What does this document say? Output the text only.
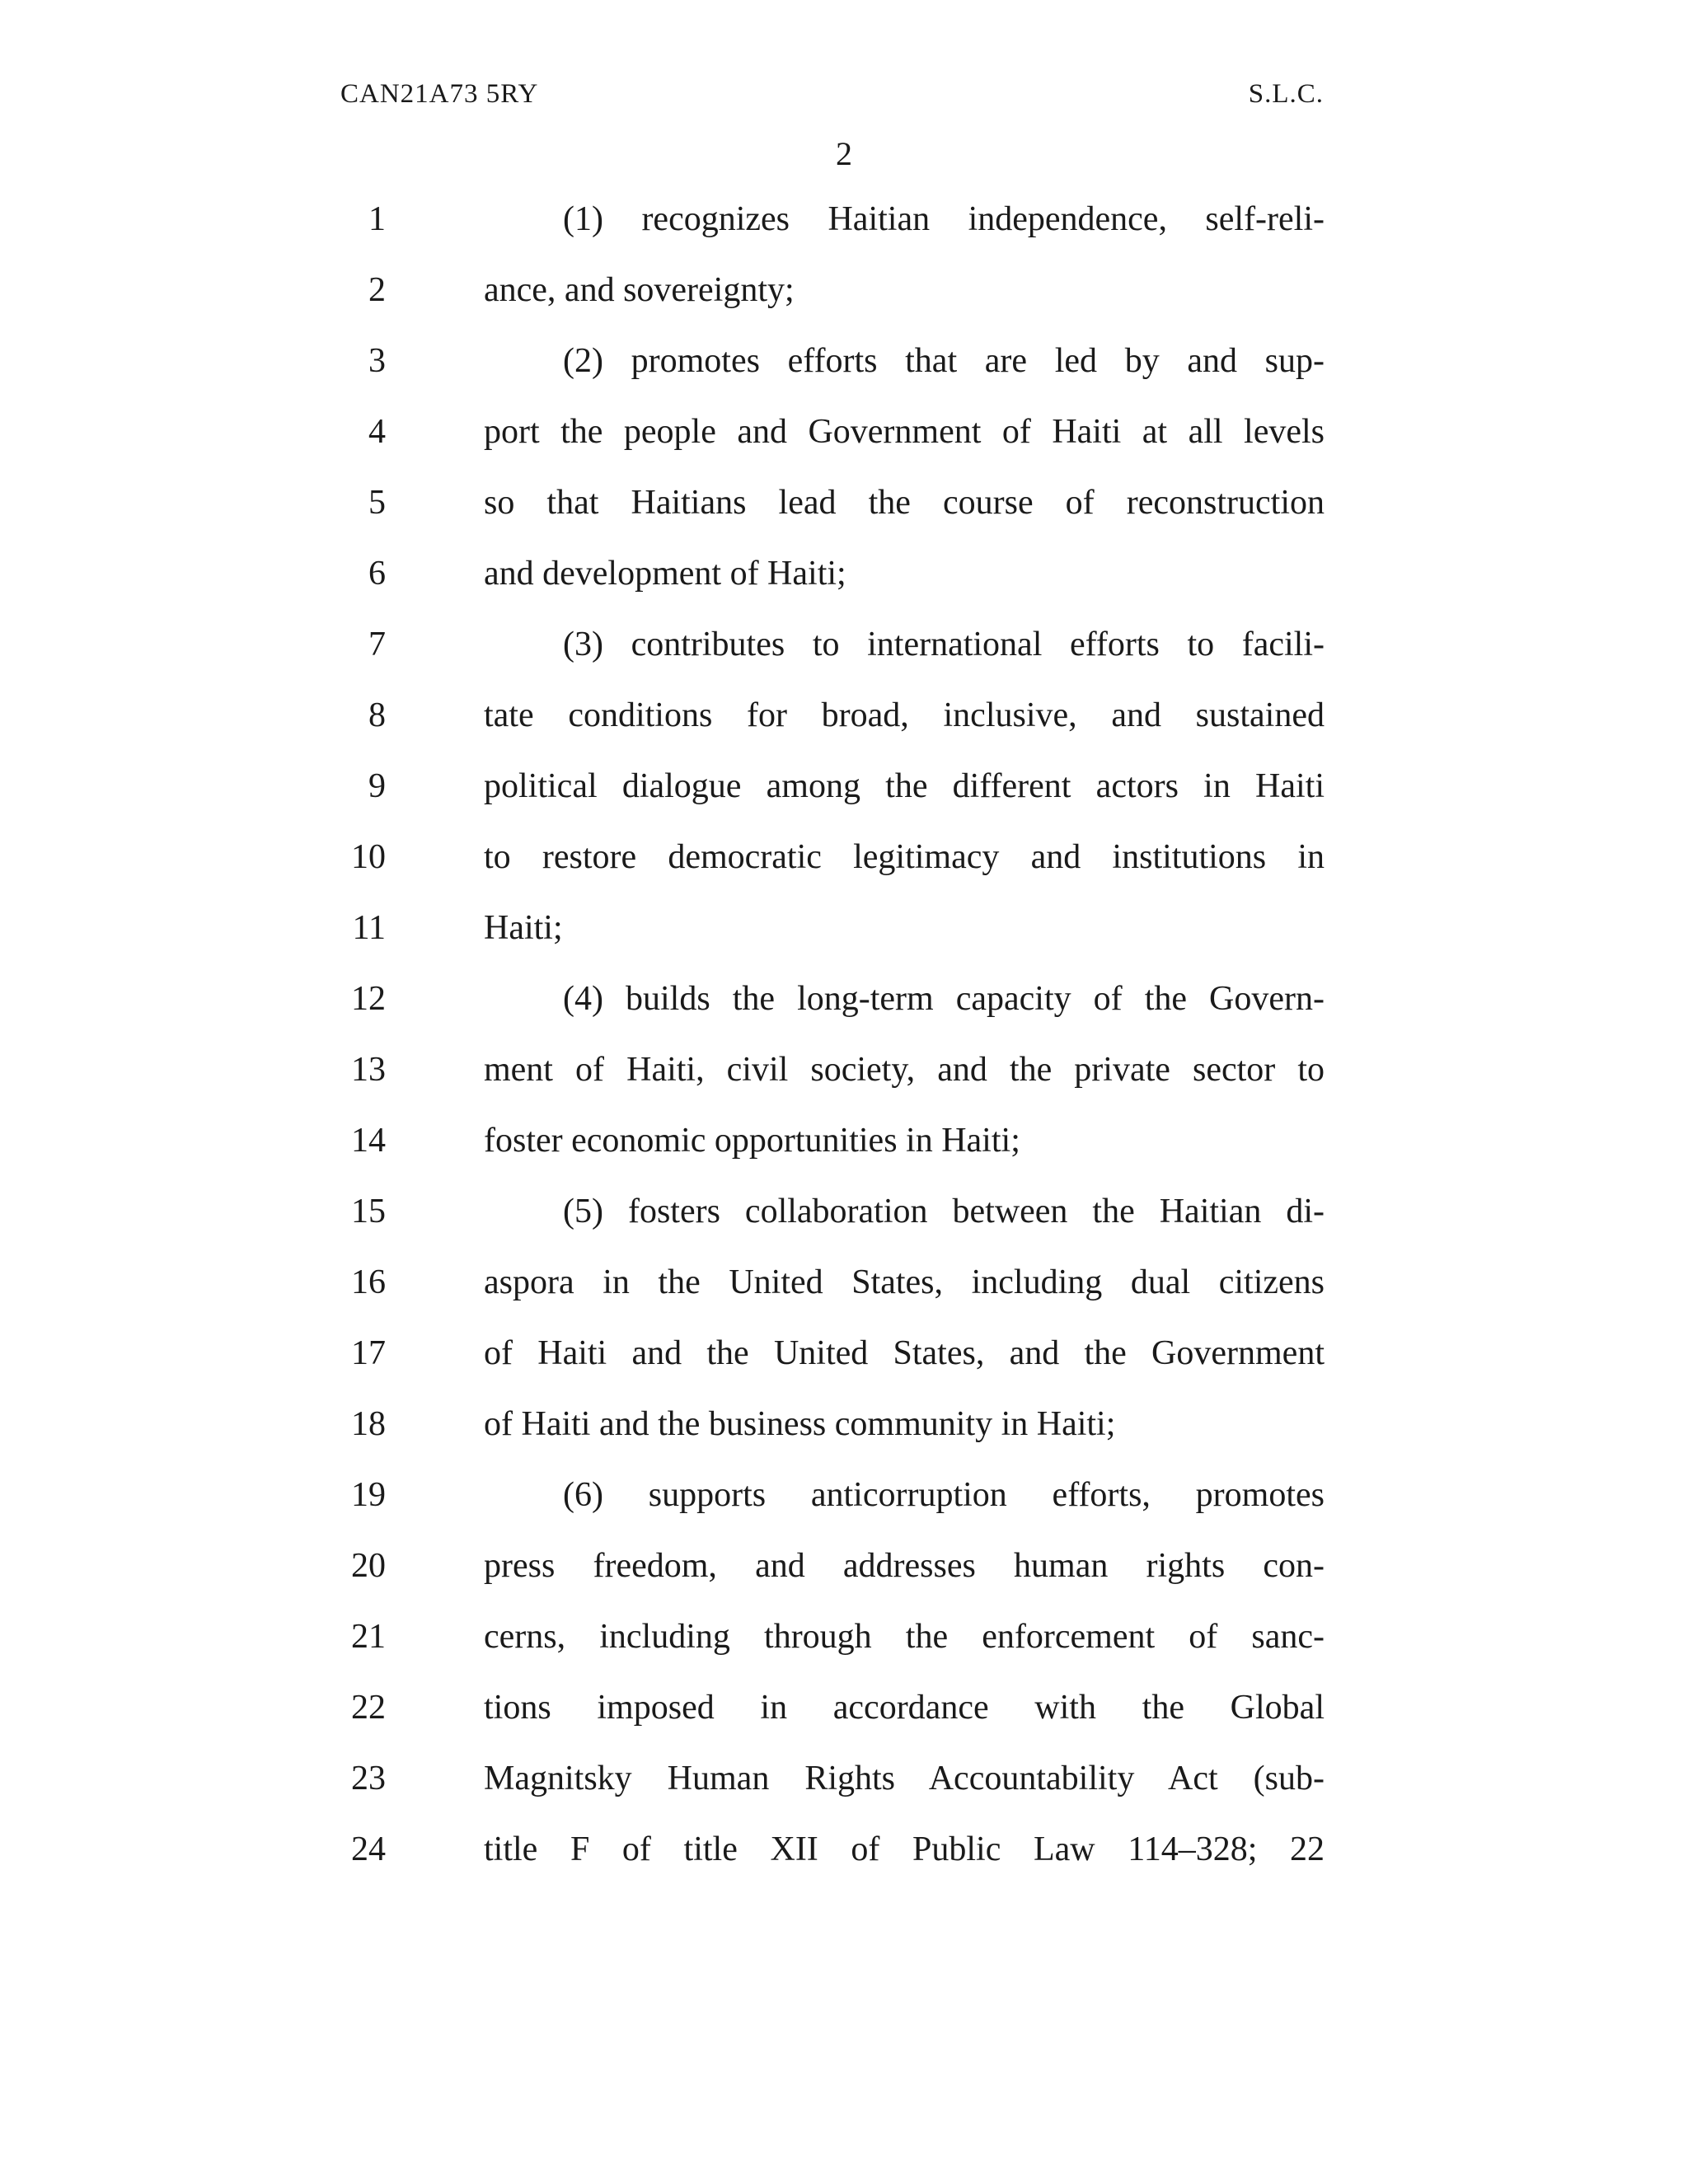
CAN21A73 5RY	S.L.C.
2
1	(1) recognizes Haitian independence, self-reli-
2	ance, and sovereignty;
3	(2) promotes efforts that are led by and sup-
4	port the people and Government of Haiti at all levels
5	so that Haitians lead the course of reconstruction
6	and development of Haiti;
7	(3) contributes to international efforts to facili-
8	tate conditions for broad, inclusive, and sustained
9	political dialogue among the different actors in Haiti
10	to restore democratic legitimacy and institutions in
11	Haiti;
12	(4) builds the long-term capacity of the Govern-
13	ment of Haiti, civil society, and the private sector to
14	foster economic opportunities in Haiti;
15	(5) fosters collaboration between the Haitian di-
16	aspora in the United States, including dual citizens
17	of Haiti and the United States, and the Government
18	of Haiti and the business community in Haiti;
19	(6) supports anticorruption efforts, promotes
20	press freedom, and addresses human rights con-
21	cerns, including through the enforcement of sanc-
22	tions imposed in accordance with the Global
23	Magnitsky Human Rights Accountability Act (sub-
24	title F of title XII of Public Law 114–328; 22
